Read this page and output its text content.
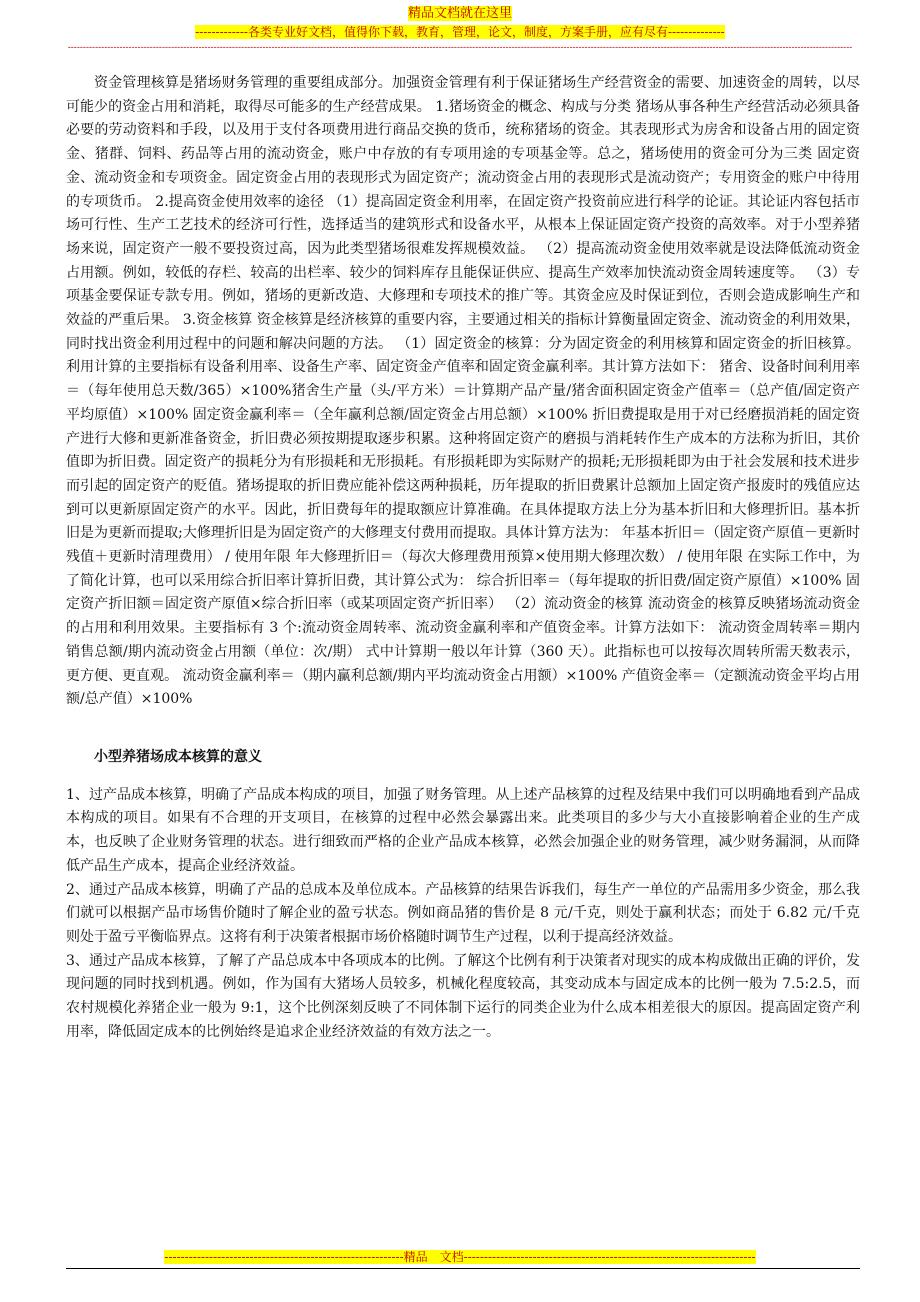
精品文档就在这里
-------------各类专业好文档，值得你下载，教育，管理，论文，制度，方案手册，应有尽有--------------
------------------------------------------------------------------------------------------------------------------------------------------------------------------------------------------------------------------------------------------------------------------

资金管理核算是猪场财务管理的重要组成部分。加强资金管理有利于保证猪场生产经营资金的需要、加速资金的周转，以尽可能少的资金占用和消耗，取得尽可能多的生产经营成果。 1.猪场资金的概念、构成与分类 猪场从事各种生产经营活动必须具备必要的劳动资料和手段，以及用于支付各项费用进行商品交换的货币，统称猪场的资金。其表现形式为房舍和设备占用的固定资金、猪群、饲料、药品等占用的流动资金，账户中存放的有专项用途的专项基金等。总之，猪场使用的资金可分为三类 固定资金、流动资金和专项资金。固定资金占用的表现形式为固定资产；流动资金占用的表现形式是流动资产；专用资金的账户中待用的专项货币。 2.提高资金使用效率的途径 （1）提高固定资金利用率，在固定资产投资前应进行科学的论证。其论证内容包括市场可行性、生产工艺技术的经济可行性，选择适当的建筑形式和设备水平，从根本上保证固定资产投资的高效率。对于小型养猪场来说，固定资产一般不要投资过高，因为此类型猪场很难发挥规模效益。 （2）提高流动资金使用效率就是设法降低流动资金占用额。例如，较低的存栏、较高的出栏率、较少的饲料库存且能保证供应、提高生产效率加快流动资金周转速度等。 （3）专项基金要保证专款专用。例如，猪场的更新改造、大修理和专项技术的推广等。其资金应及时保证到位，否则会造成影响生产和效益的严重后果。 3.资金核算 资金核算是经济核算的重要内容，主要通过相关的指标计算衡量固定资金、流动资金的利用效果，同时找出资金利用过程中的问题和解决问题的方法。 （1）固定资金的核算：分为固定资金的利用核算和固定资金的折旧核算。利用计算的主要指标有设备利用率、设备生产率、固定资金产值率和固定资金赢利率。其计算方法如下： 猪舍、设备时间利用率＝（每年使用总天数/365）×100%猪舍生产量（头/平方米）＝计算期产品产量/猪舍面积固定资金产值率＝（总产值/固定资产平均原值）×100% 固定资金赢利率＝（全年赢利总额/固定资金占用总额）×100% 折旧费提取是用于对已经磨损消耗的固定资产进行大修和更新准备资金，折旧费必须按期提取逐步积累。这种将固定资产的磨损与消耗转作生产成本的方法称为折旧，其价值即为折旧费。固定资产的损耗分为有形损耗和无形损耗。有形损耗即为实际财产的损耗;无形损耗即为由于社会发展和技术进步而引起的固定资产的贬值。猪场提取的折旧费应能补偿这两种损耗，历年提取的折旧费累计总额加上固定资产报废时的残值应达到可以更新原固定资产的水平。因此，折旧费每年的提取额应计算准确。在具体提取方法上分为基本折旧和大修理折旧。基本折旧是为更新而提取;大修理折旧是为固定资产的大修理支付费用而提取。具体计算方法为： 年基本折旧＝（固定资产原值－更新时残值＋更新时清理费用） / 使用年限 年大修理折旧＝（每次大修理费用预算×使用期大修理次数） / 使用年限 在实际工作中，为了简化计算，也可以采用综合折旧率计算折旧费，其计算公式为： 综合折旧率＝（每年提取的折旧费/固定资产原值）×100% 固定资产折旧额＝固定资产原值×综合折旧率（或某项固定资产折旧率） （2）流动资金的核算 流动资金的核算反映猪场流动资金的占用和利用效果。主要指标有 3 个:流动资金周转率、流动资金赢利率和产值资金率。计算方法如下： 流动资金周转率＝期内销售总额/期内流动资金占用额（单位：次/期） 式中计算期一般以年计算（360 天）。此指标也可以按每次周转所需天数表示，更方便、更直观。 流动资金赢利率＝（期内赢利总额/期内平均流动资金占用额）×100% 产值资金率＝（定额流动资金平均占用额/总产值）×100%

小型养猪场成本核算的意义

1、过产品成本核算，明确了产品成本构成的项目，加强了财务管理。从上述产品核算的过程及结果中我们可以明确地看到产品成本构成的项目。如果有不合理的开支项目，在核算的过程中必然会暴露出来。此类项目的多少与大小直接影响着企业的生产成本，也反映了企业财务管理的状态。进行细致而严格的企业产品成本核算，必然会加强企业的财务管理，减少财务漏洞，从而降低产品生产成本，提高企业经济效益。

2、通过产品成本核算，明确了产品的总成本及单位成本。产品核算的结果告诉我们，每生产一单位的产品需用多少资金，那么我们就可以根据产品市场售价随时了解企业的盈亏状态。例如商品猪的售价是 8 元/千克，则处于赢利状态；而处于 6.82 元/千克则处于盈亏平衡临界点。这将有利于决策者根据市场价格随时调节生产过程，以利于提高经济效益。

3、通过产品成本核算，了解了产品总成本中各项成本的比例。了解这个比例有利于决策者对现实的成本构成做出正确的评价，发现问题的同时找到机遇。例如，作为国有大猪场人员较多，机械化程度较高，其变动成本与固定成本的比例一般为 7.5:2.5，而农村规模化养猪企业一般为 9:1，这个比例深刻反映了不同体制下运行的同类企业为什么成本相差很大的原因。提高固定资产利用率，降低固定成本的比例始终是追求企业经济效益的有效方法之一。

-----------------------------------------------------------精品　文档------------------------------------------------------------------------
